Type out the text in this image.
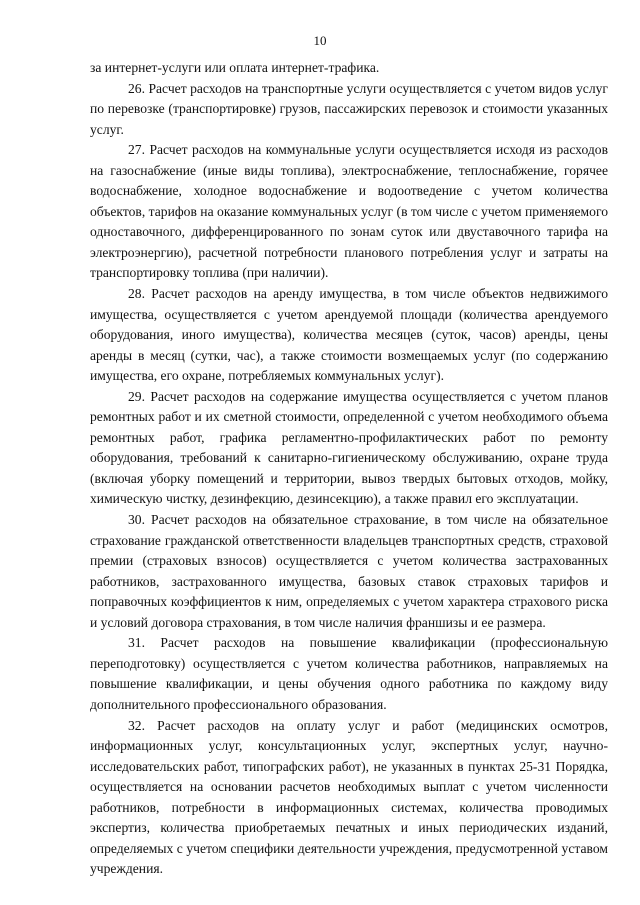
10

за интернет-услуги или оплата интернет-трафика.

26. Расчет расходов на транспортные услуги осуществляется с учетом видов услуг по перевозке (транспортировке) грузов, пассажирских перевозок и стоимости указанных услуг.

27. Расчет расходов на коммунальные услуги осуществляется исходя из расходов на газоснабжение (иные виды топлива), электроснабжение, теплоснабжение, горячее водоснабжение, холодное водоснабжение и водоотведение с учетом количества объектов, тарифов на оказание коммунальных услуг (в том числе с учетом применяемого одноставочного, дифференцированного по зонам суток или двуставочного тарифа на электроэнергию), расчетной потребности планового потребления услуг и затраты на транспортировку топлива (при наличии).

28. Расчет расходов на аренду имущества, в том числе объектов недвижимого имущества, осуществляется с учетом арендуемой площади (количества арендуемого оборудования, иного имущества), количества месяцев (суток, часов) аренды, цены аренды в месяц (сутки, час), а также стоимости возмещаемых услуг (по содержанию имущества, его охране, потребляемых коммунальных услуг).

29. Расчет расходов на содержание имущества осуществляется с учетом планов ремонтных работ и их сметной стоимости, определенной с учетом необходимого объема ремонтных работ, графика регламентно-профилактических работ по ремонту оборудования, требований к санитарно-гигиеническому обслуживанию, охране труда (включая уборку помещений и территории, вывоз твердых бытовых отходов, мойку, химическую чистку, дезинфекцию, дезинсекцию), а также правил его эксплуатации.

30. Расчет расходов на обязательное страхование, в том числе на обязательное страхование гражданской ответственности владельцев транспортных средств, страховой премии (страховых взносов) осуществляется с учетом количества застрахованных работников, застрахованного имущества, базовых ставок страховых тарифов и поправочных коэффициентов к ним, определяемых с учетом характера страхового риска и условий договора страхования, в том числе наличия франшизы и ее размера.

31. Расчет расходов на повышение квалификации (профессиональную переподготовку) осуществляется с учетом количества работников, направляемых на повышение квалификации, и цены обучения одного работника по каждому виду дополнительного профессионального образования.

32. Расчет расходов на оплату услуг и работ (медицинских осмотров, информационных услуг, консультационных услуг, экспертных услуг, научно-исследовательских работ, типографских работ), не указанных в пунктах 25-31 Порядка, осуществляется на основании расчетов необходимых выплат с учетом численности работников, потребности в информационных системах, количества проводимых экспертиз, количества приобретаемых печатных и иных периодических изданий, определяемых с учетом специфики деятельности учреждения, предусмотренной уставом учреждения.
